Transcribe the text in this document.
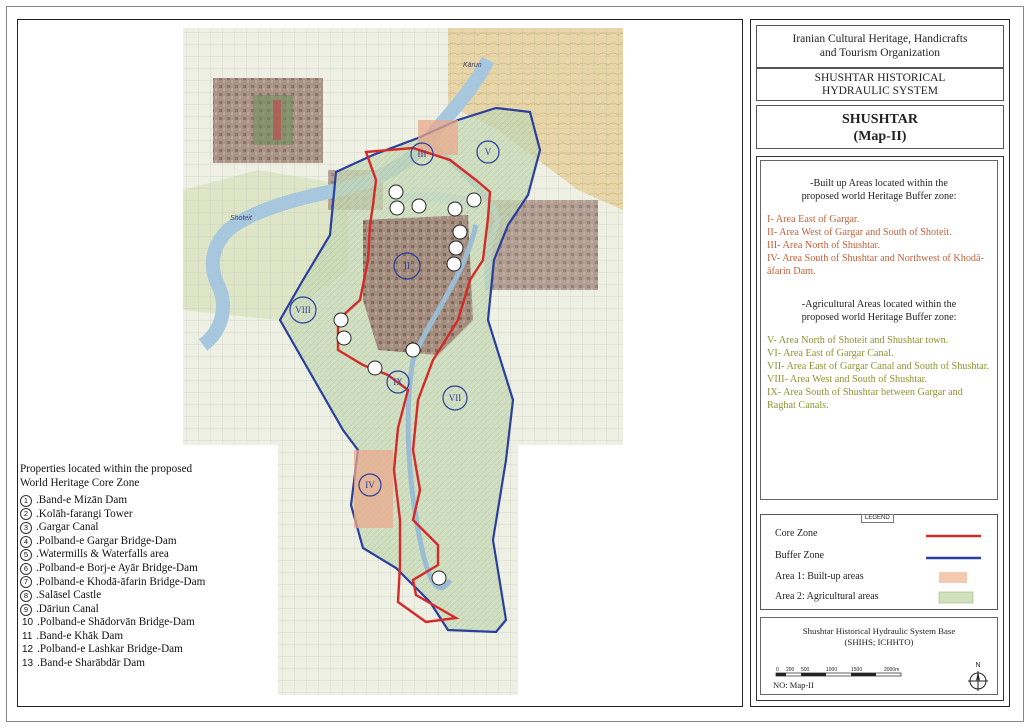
III	V
II
VIII
IX
VII
IV
Kārun
Shoteit
Properties located within the proposed
World Heritage Core Zone
1 .Band-e Mizān Dam
2 .Kolāh-farangi Tower
3 .Gargar Canal
4 .Polband-e Gargar Bridge-Dam
5 .Watermills & Waterfalls area
6 .Polband-e Borj-e Ayār Bridge-Dam
7 .Polband-e Khodā-āfarin Bridge-Dam
8 .Salāsel Castle
9 .Dāriun Canal
10 .Polband-e Shādorvān Bridge-Dam
11 .Band-e Khāk Dam
12 .Polband-e Lashkar Bridge-Dam
13 .Band-e Sharābdār Dam
Iranian Cultural Heritage, Handicrafts
and Tourism Organization
SHUSHTAR HISTORICAL
HYDRAULIC SYSTEM
SHUSHTAR
(Map-II)
-Built up Areas located within the
proposed world Heritage Buffer zone:
I- Area East of Gargar.
II- Area West of Gargar and South of Shoteit.
III- Area North of Shushtar.
IV- Area South of Shushtar and Northwest of Khodā-āfarin Dam.
-Agricultural Areas located within the
proposed world Heritage Buffer zone:
V- Area North of Shoteit and Shushtar town.
VI- Area East of Gargar Canal.
VII- Area East of Gargar Canal and South of Shushtar.
VIII- Area West and South of Shushtar.
IX- Area South of Shushtar between Gargar and Raghat Canals.
LEGEND
Core Zone
Buffer Zone
Area 1: Built-up areas
Area 2: Agricultural areas
Shushtar Historical Hydraulic System Base
(SHIHS; ICHHTO)
0 200 500	1000	1500	2000m
NO: Map-II
N
